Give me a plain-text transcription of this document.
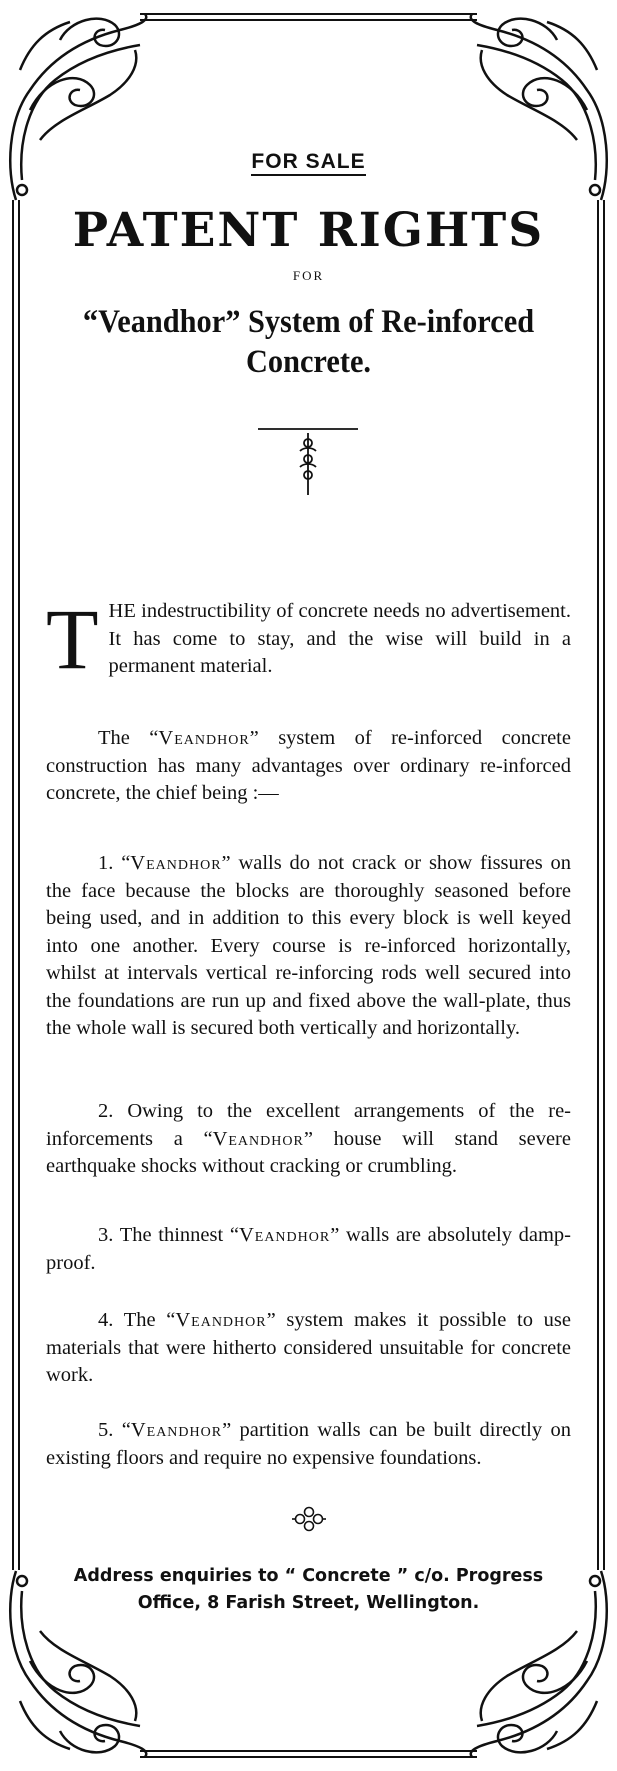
FOR SALE
PATENT RIGHTS
FOR
“Veandhor” System of Re-inforced
Concrete.
THE indestructibility of concrete needs no advertisement. It has come to stay, and the wise will build in a permanent material.
The “Veandhor” system of re-inforced concrete construction has many advantages over ordinary re-inforced concrete, the chief being :—
1. “Veandhor” walls do not crack or show fissures on the face because the blocks are thoroughly seasoned before being used, and in addition to this every block is well keyed into one another. Every course is re-inforced horizontally, whilst at intervals vertical re-inforcing rods well secured into the foundations are run up and fixed above the wall-plate, thus the whole wall is secured both vertically and horizontally.
2. Owing to the excellent arrangements of the re-inforcements a “Veandhor” house will stand severe earthquake shocks without cracking or crumbling.
3. The thinnest “Veandhor” walls are absolutely damp-proof.
4. The “Veandhor” system makes it possible to use materials that were hitherto considered unsuitable for concrete work.
5. “Veandhor” partition walls can be built directly on existing floors and require no expensive foundations.
Address enquiries to “ Concrete ” c/o. Progress
Office, 8 Farish Street, Wellington.
